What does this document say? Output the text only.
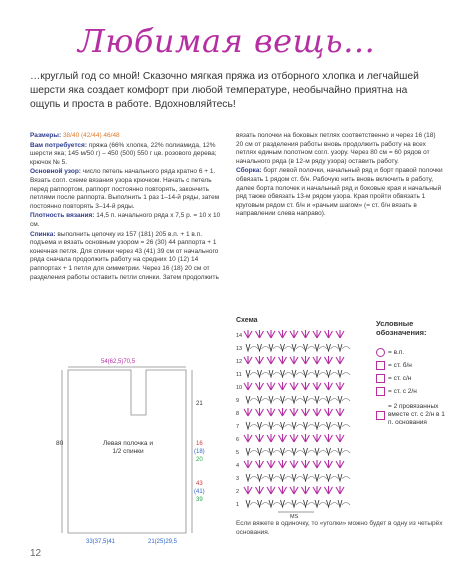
Любимая вещь…
…круглый год со мной! Сказочно мягкая пряжа из отборного хлопка и легчайшей шерсти яка создает комфорт при любой температуре, необычайно приятна на ощупь и проста в работе. Вдохновляйтесь!

Размеры: 38/40 (42/44) 46/48

Вам потребуется: пряжа (66% хлопка, 22% полиамида, 12% шерсти яка; 145 м/50 г) – 450 (500) 550 г цв. розового дерева; крючок № 5.

Основной узор: число петель начального ряда кратно 6 + 1. Вязать согл. схеме вязания узора крючком. Начать с петель перед раппортом, раппорт постоянно повторять, закончить петлями после раппорта. Выполнить 1 раз 1–14-й ряды, затем постоянно повторять 3–14-й ряды.

Плотность вязания: 14,5 п. начального ряда х 7,5 р. = 10 х 10 см.

Спинка: выполнить цепочку из 157 (181) 205 в.п. + 1 в.п. подъема и вязать основным узором = 26 (30) 44 раппорта + 1 конечная петля. Для спинки через 43 (41) 39 см от начального ряда сначала продолжить работу на средних 10 (12) 14 раппортах + 1 петля для симметрии. Через 16 (18) 20 см от разделения работы оставить петли спинки. Затем продолжить

вязать полочки на боковых петлях соответственно и через 16 (18) 20 см от разделения работы вновь продолжить работу на всех петлях единым полотном согл. узору. Через 80 см = 60 рядов от начального ряда (в 12-м ряду узора) оставить работу.

Сборка: борт левой полочки, начальный ряд и борт правой полочки обвязать 1 рядом ст. б/н. Рабочую нить вновь включить в работу, далее борта полочек и начальный ряд и боковые края и начальный ряд также обвязать 13-м рядом узора. Края пройти обвязать 1 круговым рядом ст. б/н и «рачьим шагом» (= ст. б/н вязать в направлении слева направо).

54(62,5)70,5
80
21
16
(18)
20
43
(41)
39
Левая полочка и 1/2 спинки
33(37,5)41	21(25)29,5
Схема
14
13
12
11
10
9
8
7
6
5
4
3
2
1
МS
Условные обозначения:
= в.п.
= ст. б/н
= ст. с/н
= ст. с 2/н
= 2 провязанных вместе ст. с 2/н в 1 п. основания
Если вяжете в одиночку, то «уголки» можно будет в одну из четырёх основания.
12
